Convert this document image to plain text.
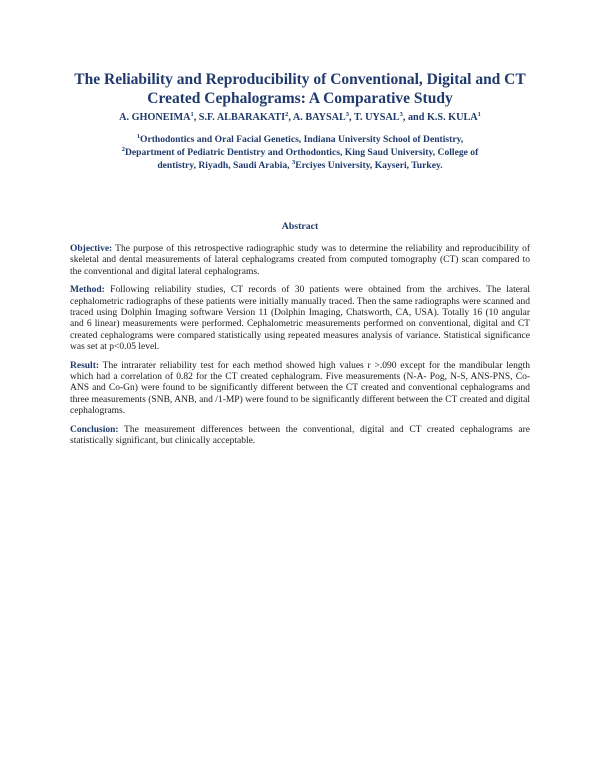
The Reliability and Reproducibility of Conventional, Digital and CT
Created Cephalograms: A Comparative Study
A. GHONEIMA$^1$, S.F. ALBARAKATI$^2$, A. BAYSAL$^3$, T. UYSAL$^3$, and K.S. KULA$^1$
$^1$Orthodontics and Oral Facial Genetics, Indiana University School of Dentistry,
$^2$Department of Pediatric Dentistry and Orthodontics, King Saud University, College of
dentistry, Riyadh, Saudi Arabia, $^3$Erciyes University, Kayseri, Turkey.
Abstract

Objective: The purpose of this retrospective radiographic study was to determine the reliability and reproducibility of skeletal and dental measurements of lateral cephalograms created from computed tomography (CT) scan compared to the conventional and digital lateral cephalograms.

Method: Following reliability studies, CT records of 30 patients were obtained from the archives. The lateral cephalometric radiographs of these patients were initially manually traced. Then the same radiographs were scanned and traced using Dolphin Imaging software Version 11 (Dolphin Imaging, Chatsworth, CA, USA). Totally 16 (10 angular and 6 linear) measurements were performed. Cephalometric measurements performed on conventional, digital and CT created cephalograms were compared statistically using repeated measures analysis of variance. Statistical significance was set at p<0.05 level.

Result: The intrarater reliability test for each method showed high values r >.090 except for the mandibular length which had a correlation of 0.82 for the CT created cephalogram. Five measurements (N-A- Pog, N-S, ANS-PNS, Co-ANS and Co-Gn) were found to be significantly different between the CT created and conventional cephalograms and three measurements (SNB, ANB, and /1-MP) were found to be significantly different between the CT created and digital cephalograms.

Conclusion: The measurement differences between the conventional, digital and CT created cephalograms are statistically significant, but clinically acceptable.
